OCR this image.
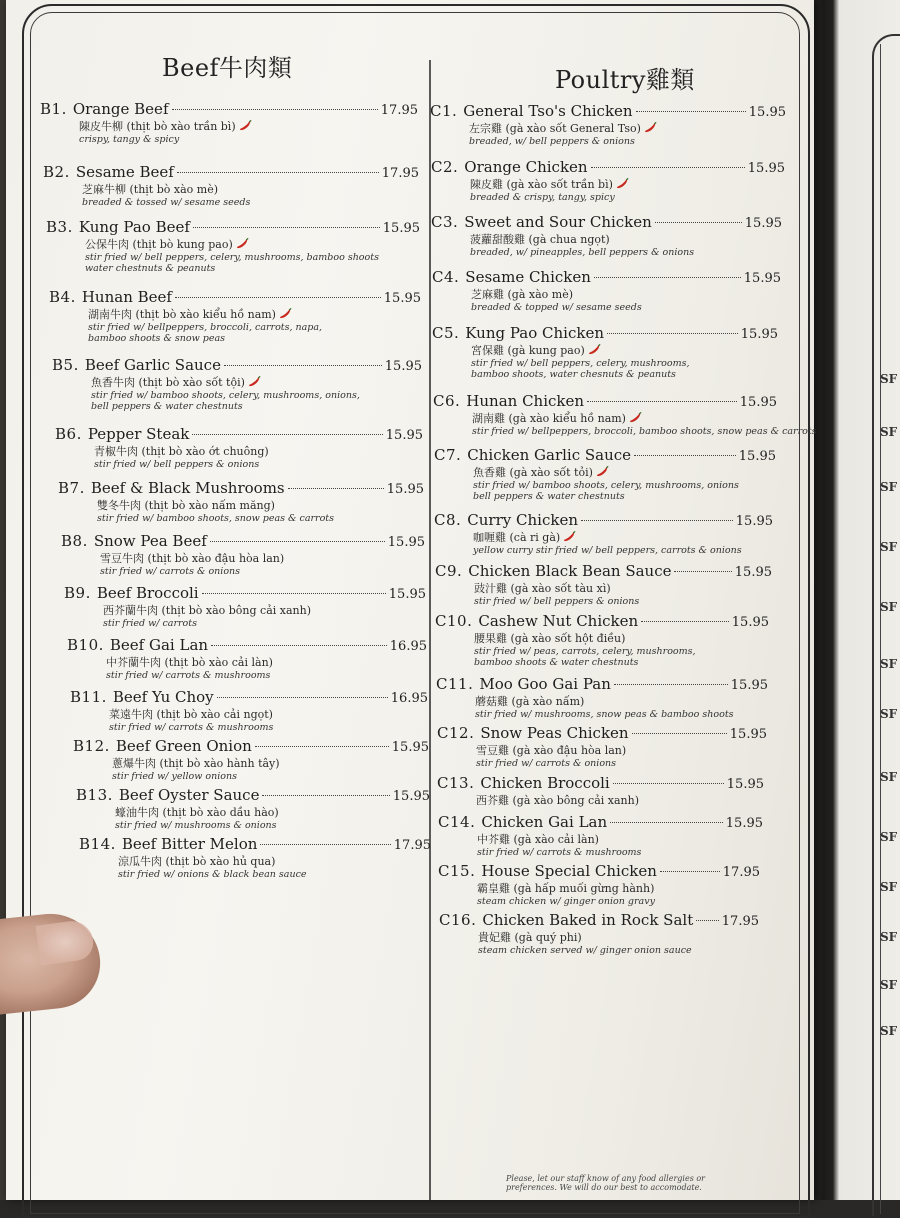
SF
SF
SF
SF
SF
SF
SF
SF
SF
SF
SF
SF
SF
Beef牛肉類	Poultry雞類
B1. Orange Beef	17.95
陳皮牛柳 (thịt bò xào trần bì)
crispy, tangy & spicy
B2. Sesame Beef	17.95
芝麻牛柳 (thịt bò xào mè)
breaded & tossed w/ sesame seeds
B3. Kung Pao Beef	15.95
公保牛肉 (thịt bò kung pao)
stir fried w/ bell peppers, celery, mushrooms, bamboo shoots
water chestnuts & peanuts
B4. Hunan Beef	15.95
湖南牛肉 (thịt bò xào kiểu hồ nam)
stir fried w/ bellpeppers, broccoli, carrots, napa,
bamboo shoots & snow peas
B5. Beef Garlic Sauce	15.95
魚香牛肉 (thịt bò xào sốt tội)
stir fried w/ bamboo shoots, celery, mushrooms, onions,
bell peppers & water chestnuts
B6. Pepper Steak	15.95
青椒牛肉 (thịt bò xào ớt chuông)
stir fried w/ bell peppers & onions
B7. Beef & Black Mushrooms	15.95
雙冬牛肉 (thịt bò xào nấm măng)
stir fried w/ bamboo shoots, snow peas & carrots
B8. Snow Pea Beef	15.95
雪豆牛肉 (thịt bò xào đậu hòa lan)
stir fried w/ carrots & onions
B9. Beef Broccoli	15.95
西芥蘭牛肉 (thịt bò xào bông cải xanh)
stir fried w/ carrots
B10. Beef Gai Lan	16.95
中芥蘭牛肉 (thịt bò xào cải làn)
stir fried w/ carrots & mushrooms
B11. Beef Yu Choy	16.95
菜遠牛肉 (thịt bò xào cải ngọt)
stir fried w/ carrots & mushrooms
B12. Beef Green Onion	15.95
蔥爆牛肉 (thịt bò xào hành tây)
stir fried w/ yellow onions
B13. Beef Oyster Sauce	15.95
蠔油牛肉 (thịt bò xào dầu hào)
stir fried w/ mushrooms & onions
B14. Beef Bitter Melon	17.95
涼瓜牛肉 (thịt bò xào hủ qua)
stir fried w/ onions & black bean sauce
C1. General Tso's Chicken	15.95
左宗雞 (gà xào sốt General Tso)
breaded, w/ bell peppers & onions
C2. Orange Chicken	15.95
陳皮雞 (gà xào sốt trần bì)
breaded & crispy, tangy, spicy
C3. Sweet and Sour Chicken	15.95
菠蘿甜酸雞 (gà chua ngọt)
breaded, w/ pineapples, bell peppers & onions
C4. Sesame Chicken	15.95
芝麻雞 (gà xào mè)
breaded & topped w/ sesame seeds
C5. Kung Pao Chicken	15.95
宮保雞 (gà kung pao)
stir fried w/ bell peppers, celery, mushrooms,
bamboo shoots, water chesnuts & peanuts
C6. Hunan Chicken	15.95
湖南雞 (gà xào kiểu hồ nam)
stir fried w/ bellpeppers, broccoli, bamboo shoots, snow peas & carrots
C7. Chicken Garlic Sauce	15.95
魚香雞 (gà xào sốt tỏi)
stir fried w/ bamboo shoots, celery, mushrooms, onions
bell peppers & water chestnuts
C8. Curry Chicken	15.95
咖喱雞 (cà ri gà)
yellow curry stir fried w/ bell peppers, carrots & onions
C9. Chicken Black Bean Sauce	15.95
豉汁雞 (gà xào sốt tàu xì)
stir fried w/ bell peppers & onions
C10. Cashew Nut Chicken	15.95
腰果雞 (gà xào sốt hột điều)
stir fried w/ peas, carrots, celery, mushrooms,
bamboo shoots & water chestnuts
C11. Moo Goo Gai Pan	15.95
蘑菇雞 (gà xào nấm)
stir fried w/ mushrooms, snow peas & bamboo shoots
C12. Snow Peas Chicken	15.95
雪豆雞 (gà xào đậu hòa lan)
stir fried w/ carrots & onions
C13. Chicken Broccoli	15.95
西芥雞 (gà xào bông cải xanh)
C14. Chicken Gai Lan	15.95
中芥雞 (gà xào cải làn)
stir fried w/ carrots & mushrooms
C15. House Special Chicken	17.95
霸皇雞 (gà hấp muối gừng hành)
steam chicken w/ ginger onion gravy
C16. Chicken Baked in Rock Salt 17.95
貴妃雞 (gà quý phi)
steam chicken served w/ ginger onion sauce
Please, let our staff know of any food allergies or
preferences. We will do our best to accomodate.
